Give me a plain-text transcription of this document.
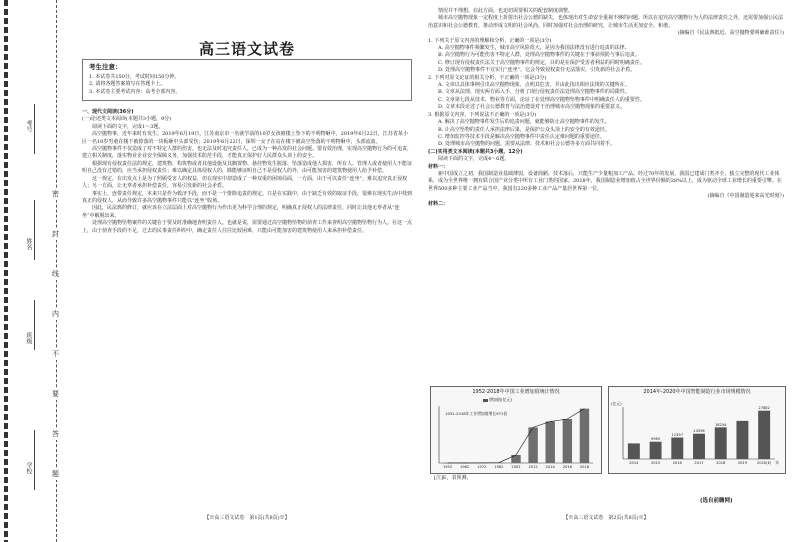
考号
姓名
班级
学校
密
封
线
内
不
要
答
题
高三语文试卷
考生注意：

1. 本试卷共150分，考试时间150分钟。

2. 请将各题答案填写在答题卡上。

3. 本试卷主要考试内容：高考全部内容。

一、现代文阅读(36分)

(一)论述类文本阅读(本题共3小题，9分)

阅读下面的文字，完成1～3题。

高空抛物事，近年来时有发生。2019年6月19日，江苏南京市一名就学前的10岁女孩被楼上坠下的不明物砸中，2019年6月22日，江苏省某小区一名10岁男童在楼下被掉落的一块板砸中头部受伤；2019年6月22日，深圳一女子在站在楼下被高空坠落的不明物砸中，头部流血。

高空抛物事件不仅造成了对不特定人群的伤害，也无法及时追究责任人，已成为一种高发的社会问题。要有效治理，实现高空抛物行为的可追责，建立相关制度，落实物业企业安全保障义务，加强技术防范手段，才能真正保护好人民群众头顶上的安全。

根据现有侵权责任法的规定，建筑物、构筑物或者其他设施及其搁置物、悬挂物发生脱落、坠落造成他人损害，所有人、管理人或者使用人不能证明自己没有过错的，应当承担侵权责任；难以确定具体侵权人的，除能够证明自己不是侵权人的外，由可能加害的建筑物使用人给予补偿。

这一规定，在出发点上是为了照顾受害人的权益，但在现实中却造成了一种双重的困境局面，一方面，由于可以责任“连坐”，难以追究真正侵权人；另一方面，让无辜者承担补偿责任，容易引发新的社会矛盾。

事实上，连带责任规定，本来只是作为救济手段，而不是一个排除追责的规定。只是在实践中，由于缺乏有效的取证手段，很难在现实生活中找到真正的侵权人，从而导致许多高空抛物事件只能以“连坐”收场。

因此，民法典的修订，就应该在立法层面上对高空抛物行为作出更为科学合理的规定，明确真正侵权人的法律责任，同时让其他无辜者从“连坐”中解脱出来。

处理高空抛物坠物案件的关键在于要及时准确地查明责任人。也就是说，需要通过高空抛物坠物的侦查工作来查明高空抛物坠物行为人。在这一点上，由于侦查手段的不足，过去的民事责任纠纷中，确定责任人往往比较困难，只能由可能加害的建筑物使用人来承担补偿责任。

【※高三语文试卷　第1页(共8页)※】

情况并不理想。在此方面，也迫切需要相关的配套制度调整。

城市高空抛物现象一定程度上折射出社会公德的缺失，也体现出对生命安全重视不够的问题。所以在追究高空抛物行为人的法律责任之外，还需要加强公民法治意识和社会公德教育，推动形成文明的社会风尚，同时加强对社会治理的研究，让城市生活更加安全、和谐。

(摘编自《民法典抵近，高空抛物要明确谁责任》)

1. 下列关于原文内容的理解和分析，正确的一项是(3分)

A. 高空抛物事件频繁发生，城市高空风险很大，是因为我国法律没有进行追责的法律。

B. 高空抛物行为可能伤害不特定人群，处理高空抛物事件的关键在于事前预防与事后追责。

C. 修订现有侵权责任法关于高空抛物事件的规定，目的是在保护受害者利益的同时明确责任。

D. 处理高空抛物事件不宜实行“连坐”，它会导致侵权责任无法落实，引发新的社会矛盾。

2. 下列对原文论证的相关分析，不正确的一项是(3分)

A. 文章以具体事例引出高空抛物现象，点明其危害，并由此指出相应法规的关键所在。

B. 文章从法理、现实两方面入手，分析了现行侵权责任法处理高空抛物事件的局限性。

C. 文章第七段从技术、物业等方面，论证了在处理高空抛物坠物事件中明确责任人的重要性。

D. 文章末段论述了社会公德教育与法治建设对于治理城市高空抛物现象的重要意义。

3. 根据原文内容，下列说法不正确的一项是(3分)

A. 解决了高空抛物事件发生后的追责问题，就能够防止高空抛物事件的发生。

B. 让高空坠物的责任人承担法律后果，是保护公众头顶上的安全的有效途径。

C. 增加监控等技术手段是解决高空抛物事件中责任认定难问题的重要途径。

D. 处理城市高空抛物的问题，需要从法律、技术和社会公德等多方面共同着手。

(二)实用类文本阅读(本题共3小题，12分)

阅读下面的文字，完成4～6题。

材料一：

新中国成立之初，我国制造业基础薄弱，设备简陋，技术落后，只能生产少量粗加工产品。经过70年的发展，我国已建成门类齐全、独立完整的现代工业体系，成为全世界唯一拥有联合国产业分类中所有工业门类的国家。2018年，我国制造业增加值占全世界份额的28%以上，成为驱动全球工业增长的重要引擎。在世界500多种主要工业产品当中，我国有220多种工业产品产量居世界第一位。

(摘编自《中国制造迎来高光时刻》)

材料二：

1952-2018年中国工业增加值统计情况
增加值(亿元)
1952 1962 1972 1982 2002 2012 2014 2016 2018
1952-2018年工业增加值增长971倍
2014年-2020年中国智能制造行业市场规模情况
2014	2015
9965
2016
12397
2017
14596
2018
18254
2019	2020(E)
27882
(亿元)
年
[注]E，表预测。
(选自前瞻网)
【※高三语文试卷　第2页(共8页)※】
